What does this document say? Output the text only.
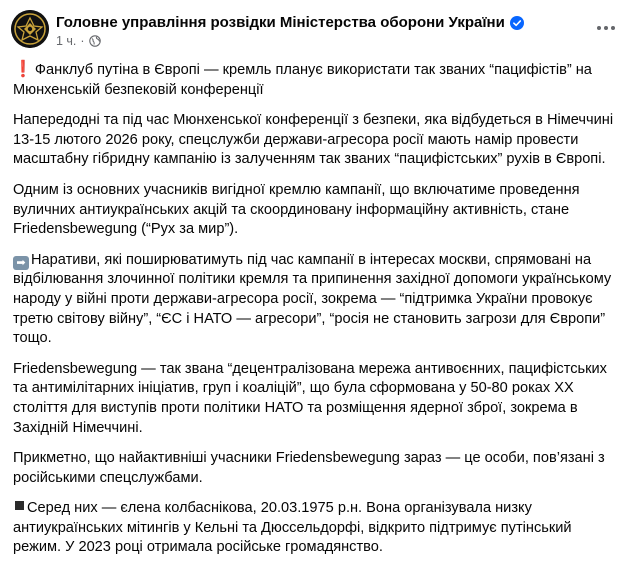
Головне управління розвідки Міністерства оборони України
1 ч. ·

❗ Фанклуб путіна в Європі — кремль планує використати так званих “пацифістів” на Мюнхенській безпековій конференції

Напередодні та під час Мюнхенської конференції з безпеки, яка відбудеться в Німеччині 13-15 лютого 2026 року, спецслужби держави-агресора росії мають намір провести масштабну гібридну кампанію із залученням так званих “пацифістських” рухів в Європі.

Одним із основних учасників вигідної кремлю кампанії, що включатиме проведення вуличних антиукраїнських акцій та скоординовану інформаційну активність, стане Friedensbewegung (“Рух за мир”).

➡ Наративи, які поширюватимуть під час кампанії в інтересах москви, спрямовані на відбілювання злочинної політики кремля та припинення західної допомоги українському народу у війні проти держави-агресора росії, зокрема — “підтримка України провокує третю світову війну”, “ЄС і НАТО — агресори”, “росія не становить загрози для Європи” тощо.

Friedensbewegung — так звана “децентралізована мережа антивоєнних, пацифістських та антимілітарних ініціатив, груп і коаліцій”, що була сформована у 50-80 роках XX століття для виступів проти політики НАТО та розміщення ядерної зброї, зокрема в Західній Німеччині.

Прикметно, що найактивніші учасники Friedensbewegung зараз — це особи, пов’язані з російськими спецслужбами.

Серед них — єлена колбаснікова, 20.03.1975 р.н. Вона організувала низку антиукраїнських мітингів у Кельні та Дюссельдорфі, відкрито підтримує путінський режим. У 2023 році отримала російське громадянство.
